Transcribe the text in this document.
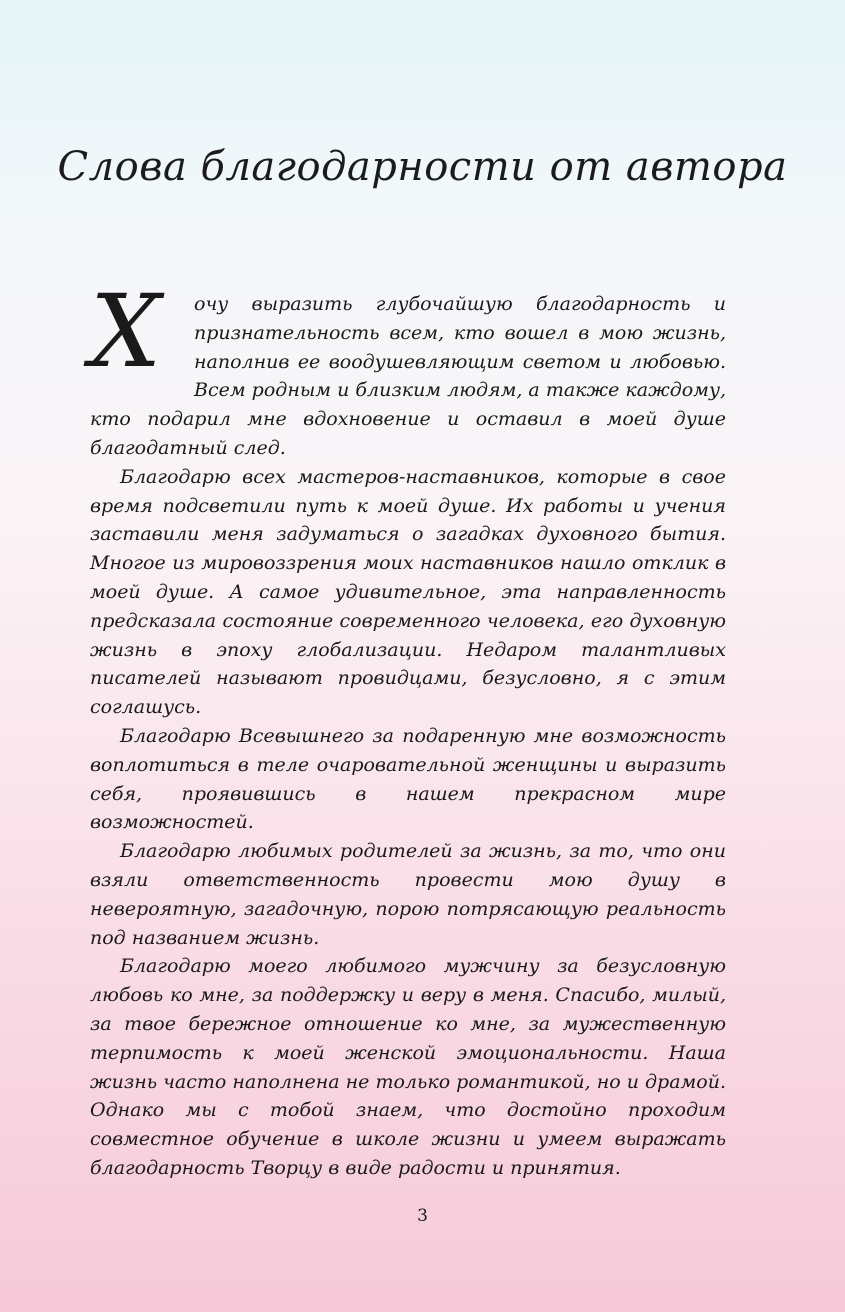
Слова благодарности от автора

Х	очу выразить глубочайшую благодарность и признательность всем, кто вошел в мою жизнь, наполнив ее воодушевляющим светом и любовью. Всем родным и близким людям, а также каждому, кто подарил мне вдохновение и оставил в моей душе благодатный след.

Благодарю всех мастеров-наставников, которые в свое время подсветили путь к моей душе. Их работы и учения заставили меня задуматься о загадках духовного бытия. Многое из мировоззрения моих наставников нашло отклик в моей душе. А самое удивительное, эта направленность предсказала состояние современного человека, его духовную жизнь в эпоху глобализации. Недаром талантливых писателей называют провидцами, безусловно, я с этим соглашусь.

Благодарю Всевышнего за подаренную мне возможность воплотиться в теле очаровательной женщины и выразить себя, проявившись в нашем прекрасном мире возможностей.

Благодарю любимых родителей за жизнь, за то, что они взяли ответственность провести мою душу в невероятную, загадочную, порою потрясающую реальность под названием жизнь.

Благодарю моего любимого мужчину за безусловную любовь ко мне, за поддержку и веру в меня. Спасибо, милый, за твое бережное отношение ко мне, за мужественную терпимость к моей женской эмоциональности. Наша жизнь часто наполнена не только романтикой, но и драмой. Однако мы с тобой знаем, что достойно проходим совместное обучение в школе жизни и умеем выражать благодарность Творцу в виде радости и принятия.

3
